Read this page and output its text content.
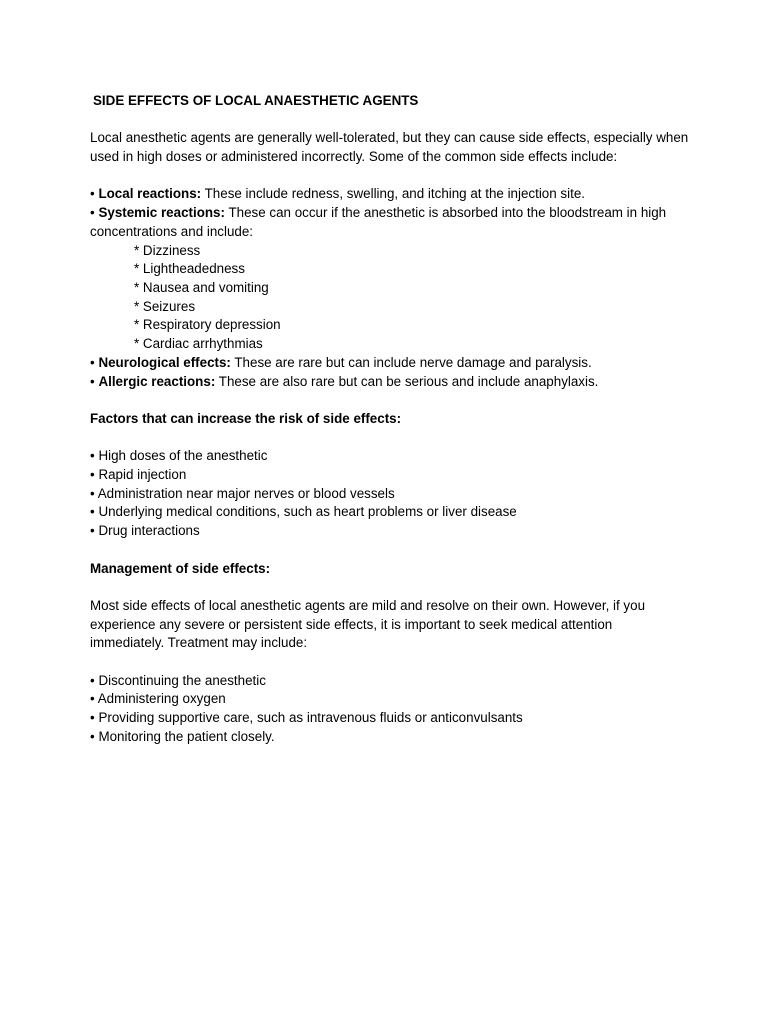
SIDE EFFECTS OF LOCAL ANAESTHETIC AGENTS

Local anesthetic agents are generally well-tolerated, but they can cause side effects, especially when used in high doses or administered incorrectly. Some of the common side effects include:

• Local reactions: These include redness, swelling, and itching at the injection site.

• Systemic reactions: These can occur if the anesthetic is absorbed into the bloodstream in high concentrations and include:

* Dizziness

* Lightheadedness

* Nausea and vomiting

* Seizures

* Respiratory depression

* Cardiac arrhythmias

• Neurological effects: These are rare but can include nerve damage and paralysis.

• Allergic reactions: These are also rare but can be serious and include anaphylaxis.

Factors that can increase the risk of side effects:

• High doses of the anesthetic

• Rapid injection

• Administration near major nerves or blood vessels

• Underlying medical conditions, such as heart problems or liver disease

• Drug interactions

Management of side effects:

Most side effects of local anesthetic agents are mild and resolve on their own. However, if you experience any severe or persistent side effects, it is important to seek medical attention immediately. Treatment may include:

• Discontinuing the anesthetic

• Administering oxygen

• Providing supportive care, such as intravenous fluids or anticonvulsants

• Monitoring the patient closely.
